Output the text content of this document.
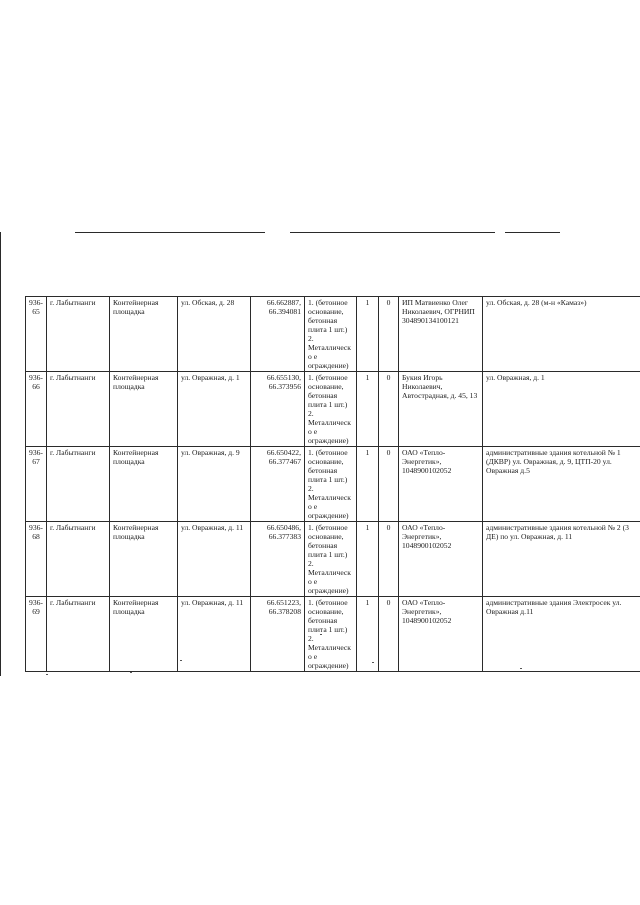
936-65	г. Лабытнанги	Контейнерная площадка	ул. Обская, д. 28	66.662887, 66.394081	1. (бетонное основание, бетонная плита 1 шт.) 2. Металлическо е ограждение)	1	0	ИП Матвиенко Олег Николаевич, ОГРНИП 304890134100121	ул. Обская, д. 28 (м-н «Камаз»)
936-66	г. Лабытнанги	Контейнерная площадка	ул. Овражная, д. 1	66.655130, 66.373956	1. (бетонное основание, бетонная плита 1 шт.) 2. Металлическо е ограждение)	1	0	Букия Игорь Николаевич, Автострадная, д. 45, 13	ул. Овражная, д. 1
936-67	г. Лабытнанги	Контейнерная площадка	ул. Овражная, д. 9	66.650422, 66.377467	1. (бетонное основание, бетонная плита 1 шт.) 2. Металлическо е ограждение)	1	0	ОАО «Тепло-Энергетик», 1048900102052	административные здания котельной № 1 (ДКВР) ул. Овражная, д. 9, ЦТП-20 ул. Овражная д.5
936-68	г. Лабытнанги	Контейнерная площадка	ул. Овражная, д. 11	66.650486, 66.377383	1. (бетонное основание, бетонная плита 1 шт.) 2. Металлическо е ограждение)	1	0	ОАО «Тепло-Энергетик», 1048900102052	административные здания котельной № 2 (3 ДЕ) по ул. Овражная, д. 11
936-69	г. Лабытнанги	Контейнерная площадка	ул. Овражная, д. 11	66.651223, 66.378208	1. (бетонное основание, бетонная плита 1 шт.) 2. Металлическо е ограждение)	1	0	ОАО «Тепло-Энергетик», 1048900102052	административные здания Электросек ул. Овражная д.11
